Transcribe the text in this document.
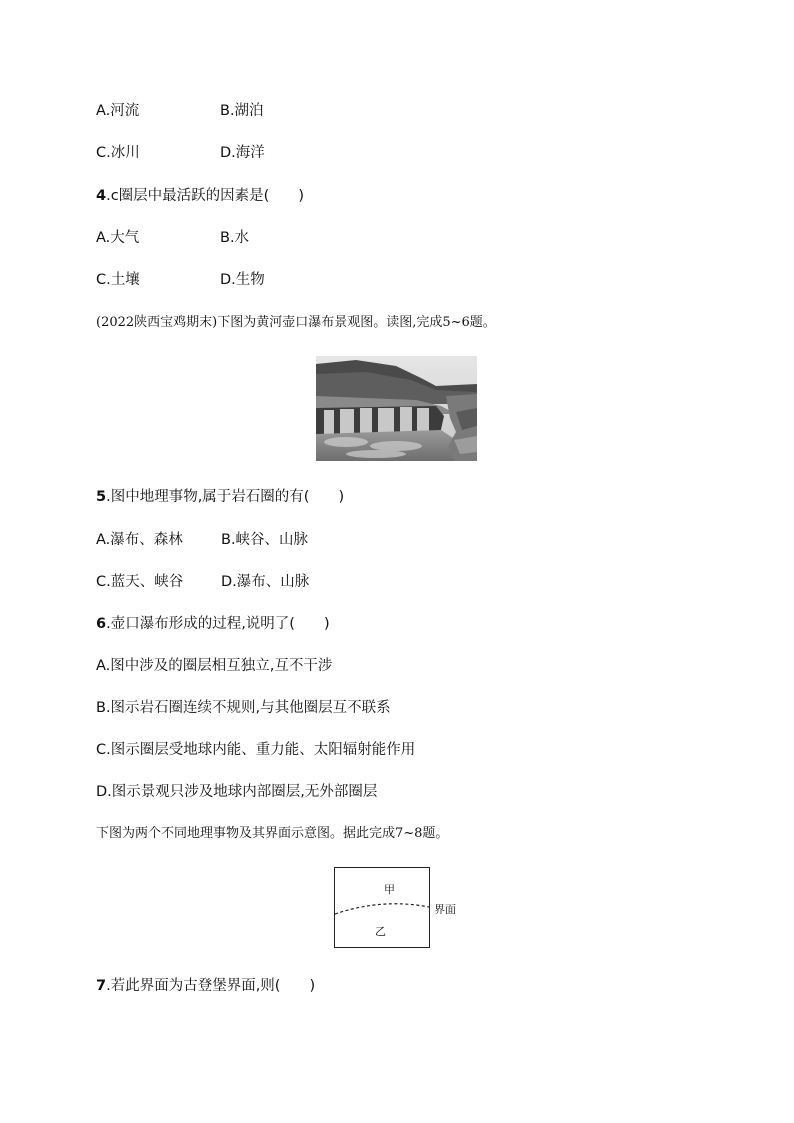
A.河流	B.湖泊
C.冰川	D.海洋
4.c圈层中最活跃的因素是(　　)
A.大气	B.水
C.土壤	D.生物
(2022陕西宝鸡期末)下图为黄河壶口瀑布景观图。读图,完成5~6题。
5.图中地理事物,属于岩石圈的有(　　)
A.瀑布、森林	B.峡谷、山脉
C.蓝天、峡谷	D.瀑布、山脉
6.壶口瀑布形成的过程,说明了(　　)
A.图中涉及的圈层相互独立,互不干涉
B.图示岩石圈连续不规则,与其他圈层互不联系
C.图示圈层受地球内能、重力能、太阳辐射能作用
D.图示景观只涉及地球内部圈层,无外部圈层
下图为两个不同地理事物及其界面示意图。据此完成7~8题。
甲
乙
界面
7.若此界面为古登堡界面,则(　　)
